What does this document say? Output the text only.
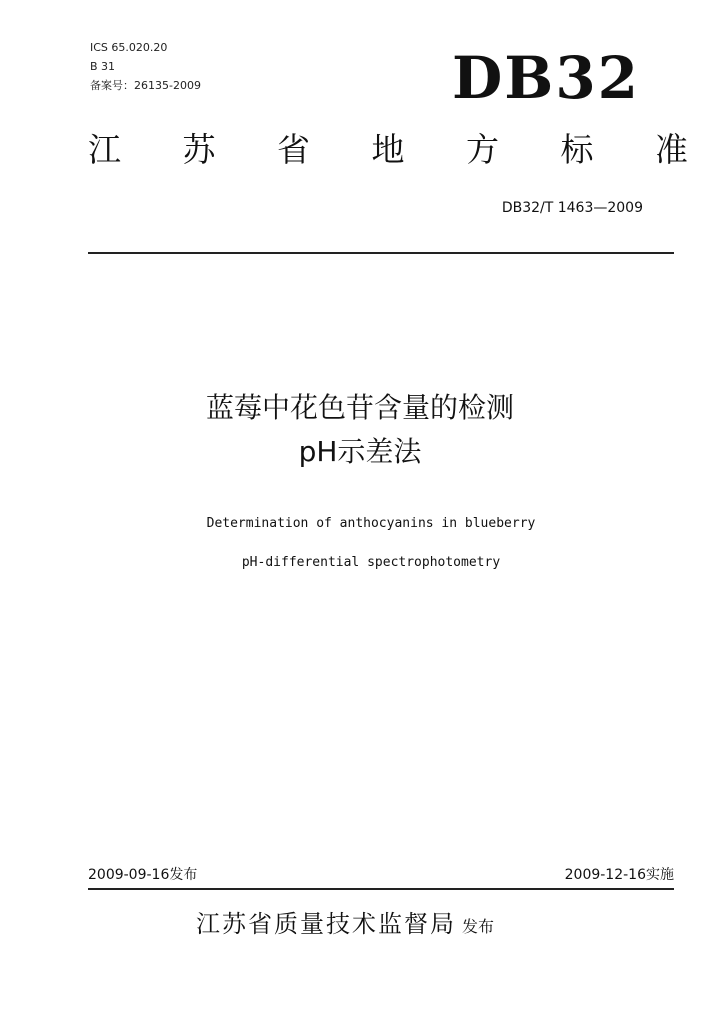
ICS 65.020.20
B 31
备案号：26135-2009	DB32
江 苏 省 地 方 标 准
DB32/T 1463—2009
蓝莓中花色苷含量的检测
pH示差法
Determination of anthocyanins in blueberry
pH-differential spectrophotometry
2009-09-16发布	2009-12-16实施
江苏省质量技术监督局 发布
